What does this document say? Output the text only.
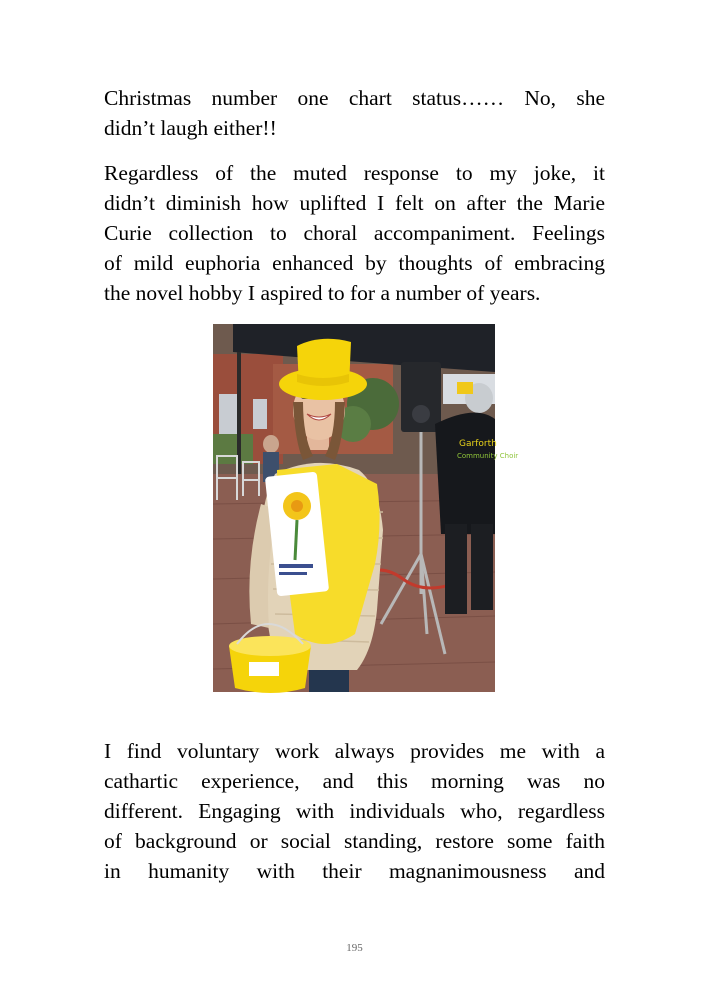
Christmas number one chart status…… No, she
didn’t laugh either!!

Regardless of the muted response to my joke, it
didn’t diminish how uplifted I felt on after the Marie
Curie collection to choral accompaniment. Feelings
of mild euphoria enhanced by thoughts of embracing
the novel hobby I aspired to for a number of years.

Garforth
Community Choir

I find voluntary work always provides me with a
cathartic experience, and this morning was no
different. Engaging with individuals who, regardless
of background or social standing, restore some faith
in humanity with their magnanimousness and

195
